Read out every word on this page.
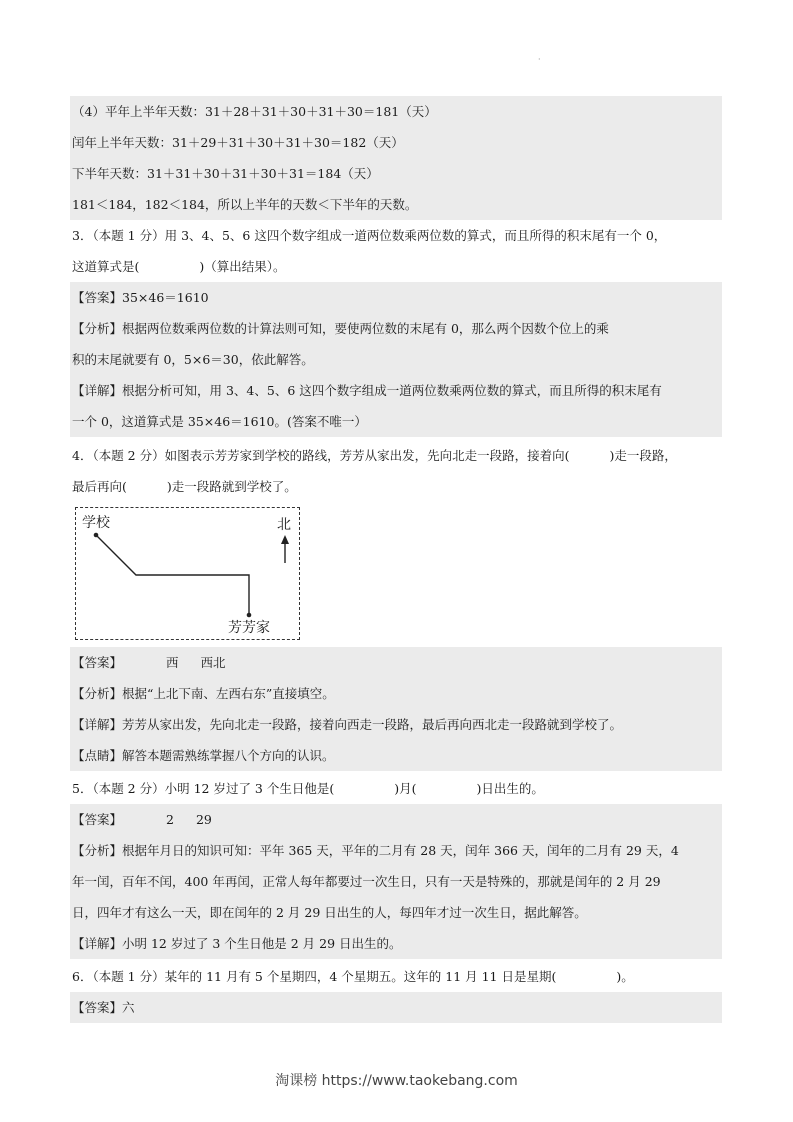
·
（4）平年上半年天数：31＋28＋31＋30＋31＋30＝181（天）
闰年上半年天数：31＋29＋31＋30＋31＋30＝182（天）
下半年天数：31＋31＋30＋31＋30＋31＝184（天）
181＜184，182＜184，所以上半年的天数＜下半年的天数。
3．（本题 1 分）用 3、4、5、6 这四个数字组成一道两位数乘两位数的算式，而且所得的积末尾有一个 0，
这道算式是(	)（算出结果）。
【答案】35×46＝1610
【分析】根据两位数乘两位数的计算法则可知，要使两位数的末尾有 0，那么两个因数个位上的乘
积的末尾就要有 0，5×6＝30，依此解答。
【详解】根据分析可知，用 3、4、5、6 这四个数字组成一道两位数乘两位数的算式，而且所得的积末尾有
一个 0，这道算式是 35×46＝1610。(答案不唯一）
4．（本题 2 分）如图表示芳芳家到学校的路线，芳芳从家出发，先向北走一段路，接着向(	)走一段路，
最后再向(	)走一段路就到学校了。
学校	北
芳芳家
【答案】	西 西北
【分析】根据“上北下南、左西右东”直接填空。
【详解】芳芳从家出发，先向北走一段路，接着向西走一段路，最后再向西北走一段路就到学校了。
【点睛】解答本题需熟练掌握八个方向的认识。
5．（本题 2 分）小明 12 岁过了 3 个生日他是(	)月(	)日出生的。
【答案】	2 29
【分析】根据年月日的知识可知：平年 365 天，平年的二月有 28 天，闰年 366 天，闰年的二月有 29 天，4
年一闰，百年不闰，400 年再闰，正常人每年都要过一次生日，只有一天是特殊的，那就是闰年的 2 月 29
日，四年才有这么一天，即在闰年的 2 月 29 日出生的人，每四年才过一次生日，据此解答。
【详解】小明 12 岁过了 3 个生日他是 2 月 29 日出生的。
6．（本题 1 分）某年的 11 月有 5 个星期四，4 个星期五。这年的 11 月 11 日是星期(	)。
【答案】六
淘课榜 https://www.taokebang.com
